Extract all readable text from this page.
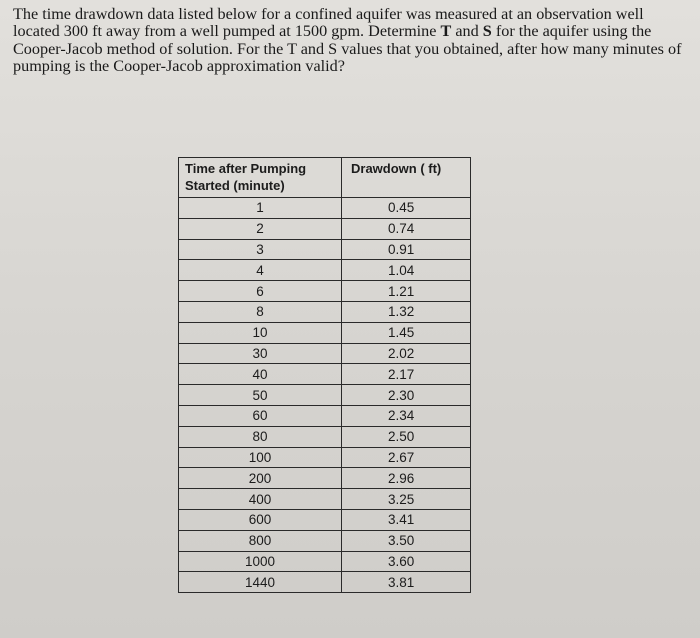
The time drawdown data listed below for a confined aquifer was measured at an observation well located 300 ft away from a well pumped at 1500 gpm. Determine T and S for the aquifer using the Cooper-Jacob method of solution. For the T and S values that you obtained, after how many minutes of pumping is the Cooper-Jacob approximation valid?

Time after Pumping Started (minute)	Drawdown ( ft)
1	0.45
2	0.74
3	0.91
4	1.04
6	1.21
8	1.32
10	1.45
30	2.02
40	2.17
50	2.30
60	2.34
80	2.50
100	2.67
200	2.96
400	3.25
600	3.41
800	3.50
1000	3.60
1440	3.81
